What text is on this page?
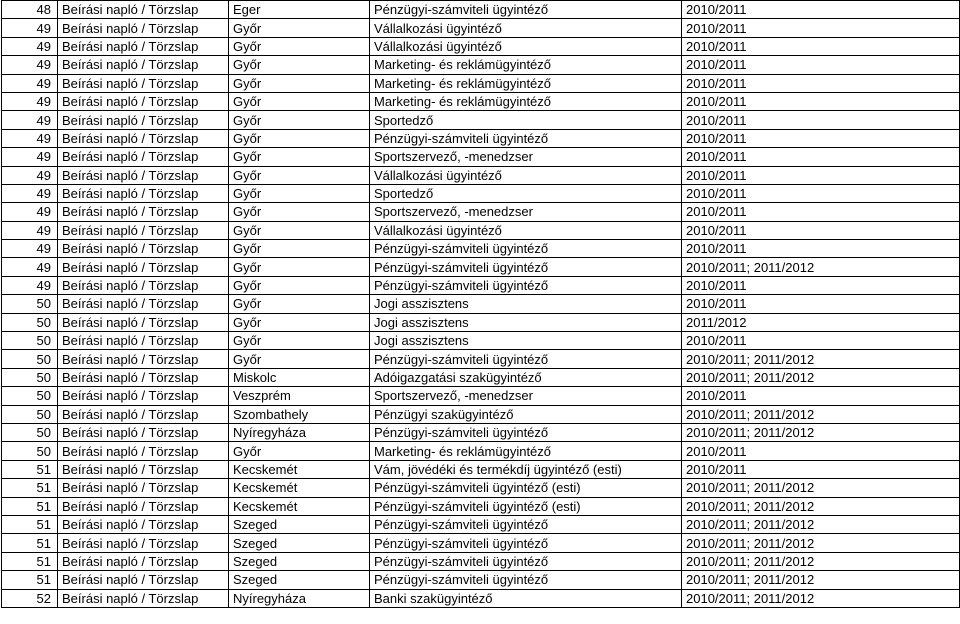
48	Beírási napló / Törzslap	Eger	Pénzügyi-számviteli ügyintéző	2010/2011
49	Beírási napló / Törzslap	Győr	Vállalkozási ügyintéző	2010/2011
49	Beírási napló / Törzslap	Győr	Vállalkozási ügyintéző	2010/2011
49	Beírási napló / Törzslap	Győr	Marketing- és reklámügyintéző	2010/2011
49	Beírási napló / Törzslap	Győr	Marketing- és reklámügyintéző	2010/2011
49	Beírási napló / Törzslap	Győr	Marketing- és reklámügyintéző	2010/2011
49	Beírási napló / Törzslap	Győr	Sportedző	2010/2011
49	Beírási napló / Törzslap	Győr	Pénzügyi-számviteli ügyintéző	2010/2011
49	Beírási napló / Törzslap	Győr	Sportszervező, -menedzser	2010/2011
49	Beírási napló / Törzslap	Győr	Vállalkozási ügyintéző	2010/2011
49	Beírási napló / Törzslap	Győr	Sportedző	2010/2011
49	Beírási napló / Törzslap	Győr	Sportszervező, -menedzser	2010/2011
49	Beírási napló / Törzslap	Győr	Vállalkozási ügyintéző	2010/2011
49	Beírási napló / Törzslap	Győr	Pénzügyi-számviteli ügyintéző	2010/2011
49	Beírási napló / Törzslap	Győr	Pénzügyi-számviteli ügyintéző	2010/2011; 2011/2012
49	Beírási napló / Törzslap	Győr	Pénzügyi-számviteli ügyintéző	2010/2011
50	Beírási napló / Törzslap	Győr	Jogi asszisztens	2010/2011
50	Beírási napló / Törzslap	Győr	Jogi asszisztens	2011/2012
50	Beírási napló / Törzslap	Győr	Jogi asszisztens	2010/2011
50	Beírási napló / Törzslap	Győr	Pénzügyi-számviteli ügyintéző	2010/2011; 2011/2012
50	Beírási napló / Törzslap	Miskolc	Adóigazgatási szakügyintéző	2010/2011; 2011/2012
50	Beírási napló / Törzslap	Veszprém	Sportszervező, -menedzser	2010/2011
50	Beírási napló / Törzslap	Szombathely	Pénzügyi szakügyintéző	2010/2011; 2011/2012
50	Beírási napló / Törzslap	Nyíregyháza	Pénzügyi-számviteli ügyintéző	2010/2011; 2011/2012
50	Beírási napló / Törzslap	Győr	Marketing- és reklámügyintéző	2010/2011
51	Beírási napló / Törzslap	Kecskemét	Vám, jövédéki és termékdíj ügyintéző (esti)	2010/2011
51	Beírási napló / Törzslap	Kecskemét	Pénzügyi-számviteli ügyintéző (esti)	2010/2011; 2011/2012
51	Beírási napló / Törzslap	Kecskemét	Pénzügyi-számviteli ügyintéző (esti)	2010/2011; 2011/2012
51	Beírási napló / Törzslap	Szeged	Pénzügyi-számviteli ügyintéző	2010/2011; 2011/2012
51	Beírási napló / Törzslap	Szeged	Pénzügyi-számviteli ügyintéző	2010/2011; 2011/2012
51	Beírási napló / Törzslap	Szeged	Pénzügyi-számviteli ügyintéző	2010/2011; 2011/2012
51	Beírási napló / Törzslap	Szeged	Pénzügyi-számviteli ügyintéző	2010/2011; 2011/2012
52	Beírási napló / Törzslap	Nyíregyháza	Banki szakügyintéző	2010/2011; 2011/2012
